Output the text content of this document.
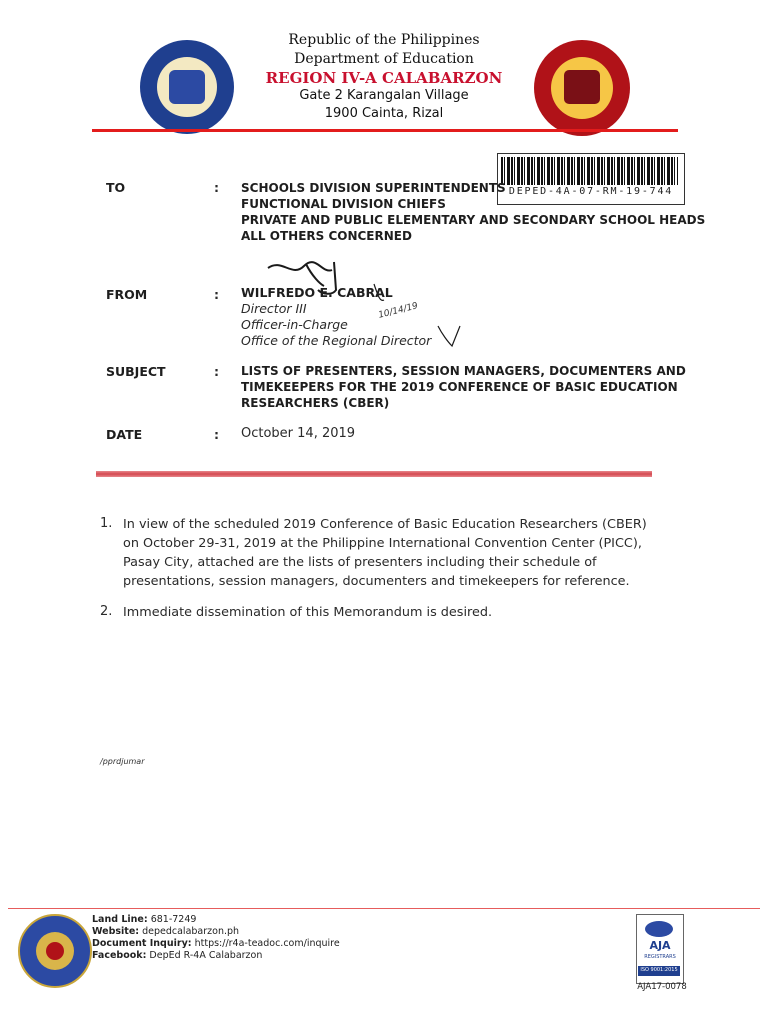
Republic of the Philippines
Department of Education
REGION IV-A CALABARZON
Gate 2 Karangalan Village
1900 Cainta, Rizal
DEPED-4A-07-RM-19-744
TO	: SCHOOLS DIVISION SUPERINTENDENTS
FUNCTIONAL DIVISION CHIEFS
PRIVATE AND PUBLIC ELEMENTARY AND SECONDARY SCHOOL HEADS
ALL OTHERS CONCERNED
10/14/19
FROM	: WILFREDO E. CABRAL
Director III
Officer-in-Charge
Office of the Regional Director
SUBJECT	: LISTS OF PRESENTERS, SESSION MANAGERS, DOCUMENTERS AND
TIMEKEEPERS FOR THE 2019 CONFERENCE OF BASIC EDUCATION
RESEARCHERS (CBER)
DATE	: October 14, 2019
1. In view of the scheduled 2019 Conference of Basic Education Researchers (CBER)
on October 29-31, 2019 at the Philippine International Convention Center (PICC),
Pasay City, attached are the lists of presenters including their schedule of
presentations, session managers, documenters and timekeepers for reference.
2. Immediate dissemination of this Memorandum is desired.
/pprdjumar
Land Line: 681-7249
Website: depedcalabarzon.ph
Document Inquiry: https://r4a-teadoc.com/inquire
Facebook: DepEd R-4A Calabarzon
AJA
REGISTRARS
ISO 9001:2015
AJA17-0078
